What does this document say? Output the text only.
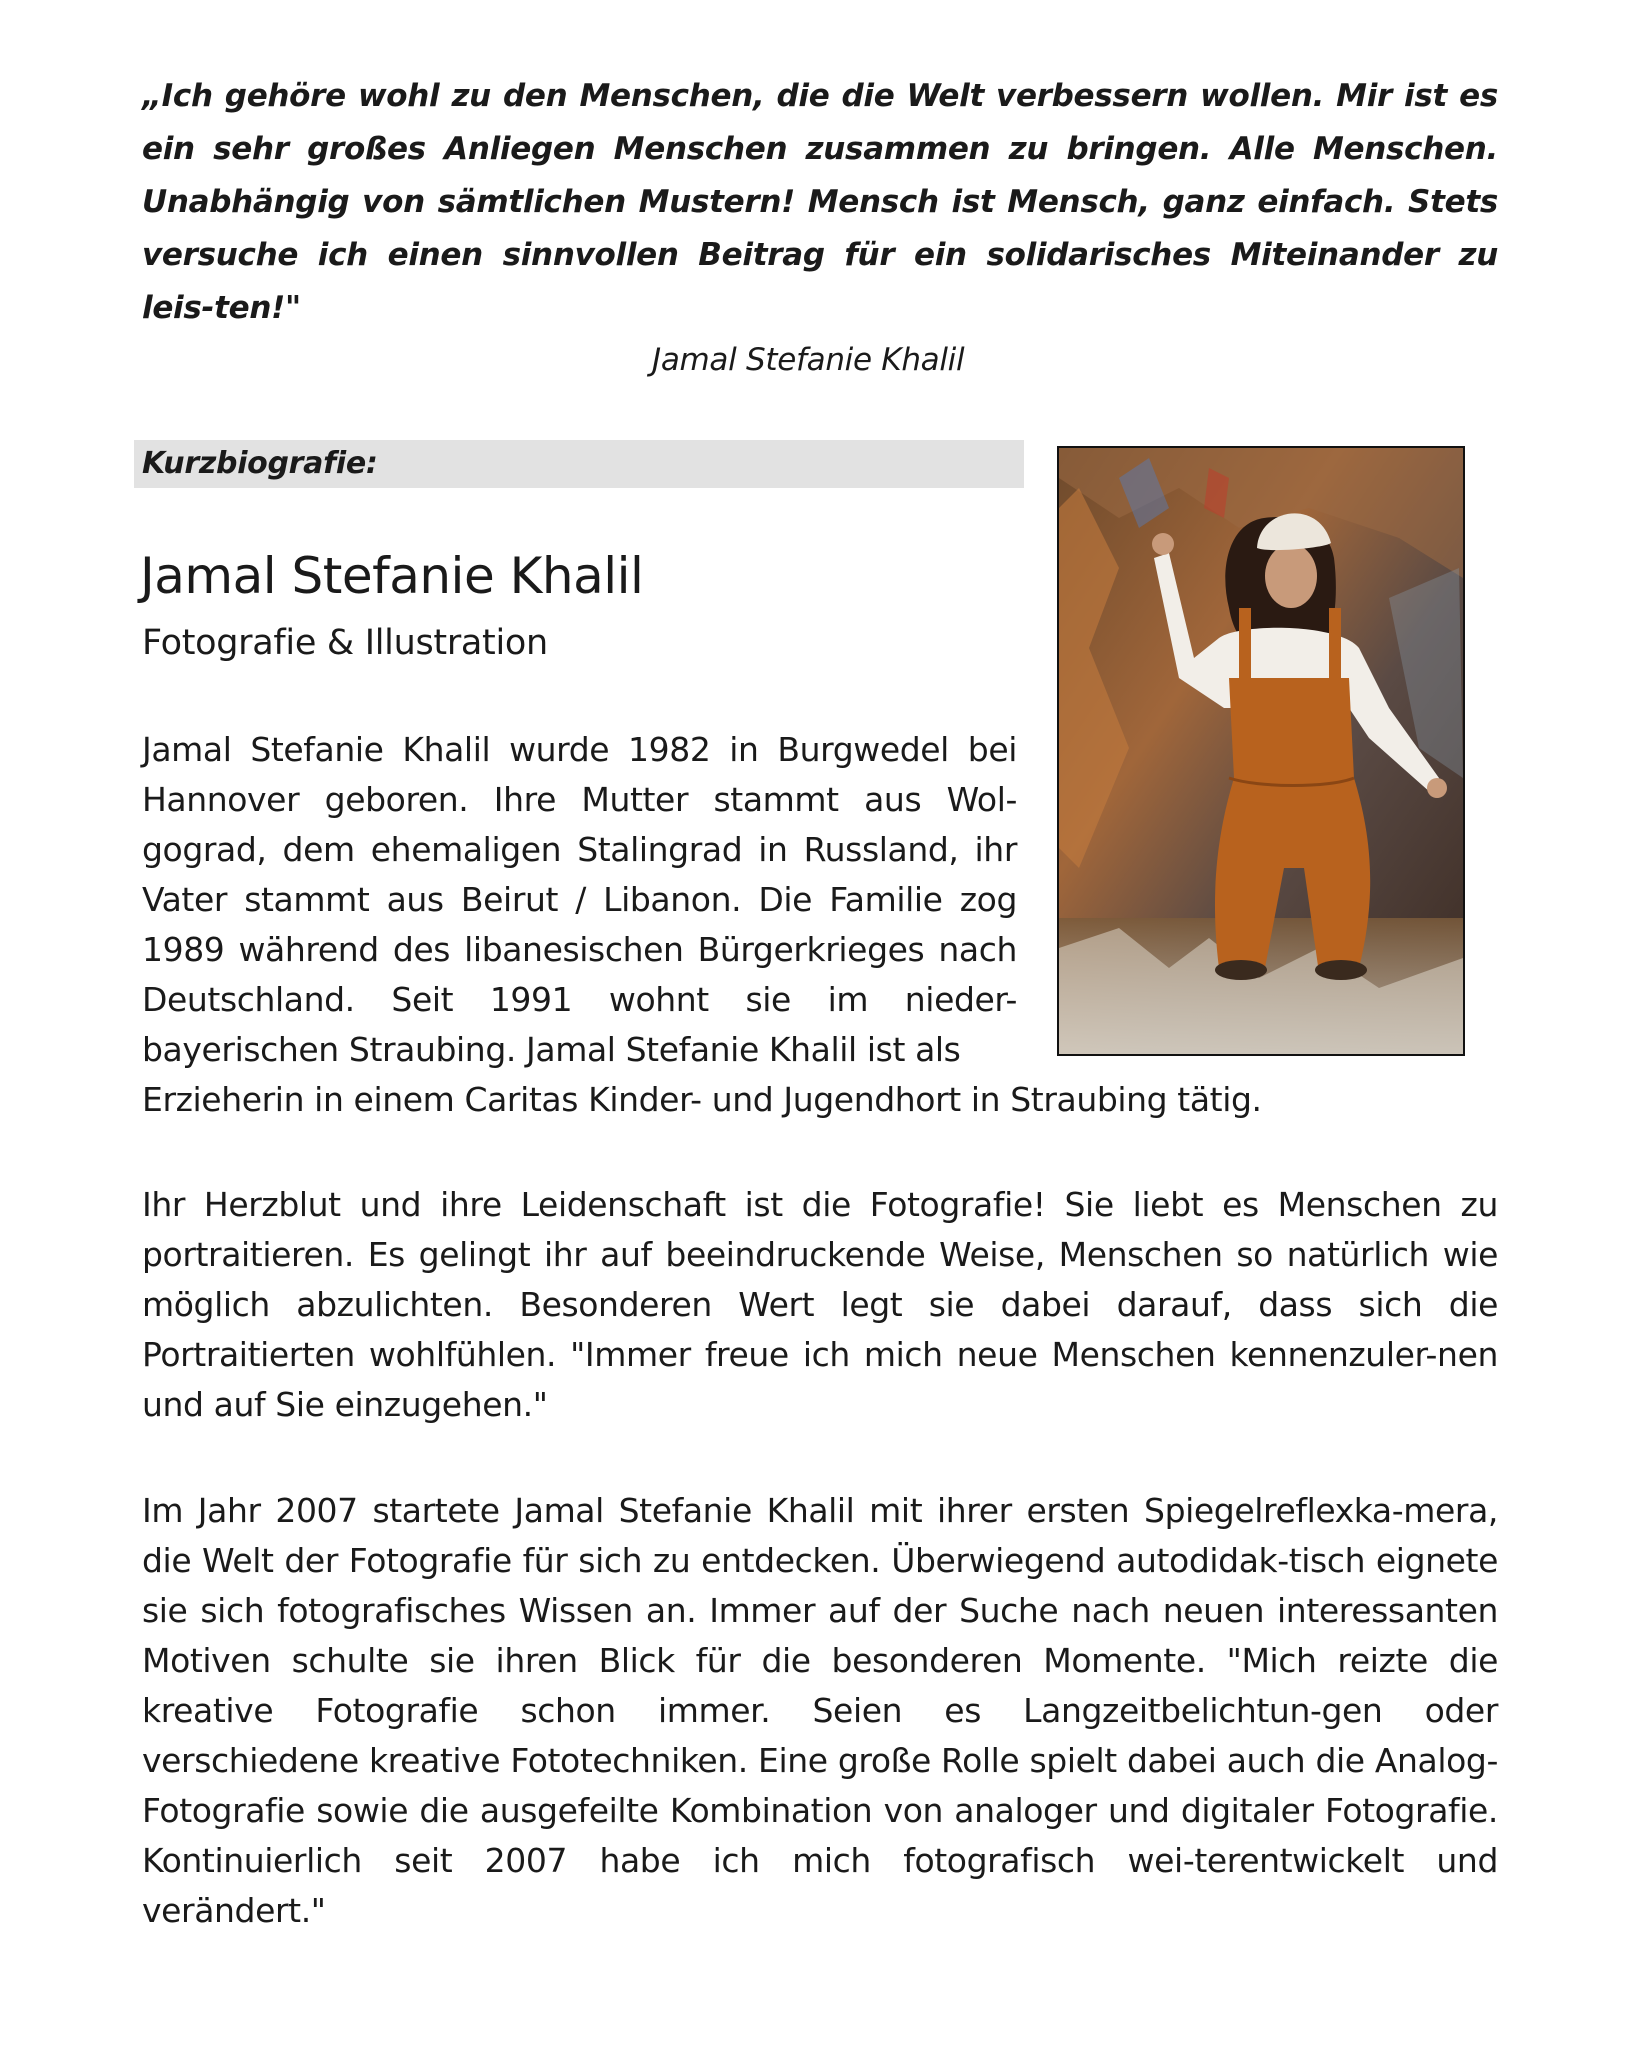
„Ich gehöre wohl zu den Menschen, die die Welt verbessern wollen. Mir ist es ein sehr großes Anliegen Menschen zusammen zu bringen. Alle Menschen. Unabhängig von sämtlichen Mustern! Mensch ist Mensch, ganz einfach. Stets versuche ich einen sinnvollen Beitrag für ein solidarisches Miteinander zu leis-ten!"

Jamal Stefanie Khalil

Kurzbiografie:
Jamal Stefanie Khalil
Fotografie & Illustration

Jamal Stefanie Khalil wurde 1982 in Burgwedel bei Hannover geboren. Ihre Mutter stammt aus Wol-gograd, dem ehemaligen Stalingrad in Russland, ihr Vater stammt aus Beirut / Libanon. Die Familie zog 1989 während des libanesischen Bürgerkrieges nach Deutschland. Seit 1991 wohnt sie im nieder-bayerischen Straubing. Jamal Stefanie Khalil ist als

Erzieherin in einem Caritas Kinder- und Jugendhort in Straubing tätig.

Ihr Herzblut und ihre Leidenschaft ist die Fotografie! Sie liebt es Menschen zu portraitieren. Es gelingt ihr auf beeindruckende Weise, Menschen so natürlich wie möglich abzulichten. Besonderen Wert legt sie dabei darauf, dass sich die Portraitierten wohlfühlen. "Immer freue ich mich neue Menschen kennenzuler-nen und auf Sie einzugehen."

Im Jahr 2007 startete Jamal Stefanie Khalil mit ihrer ersten Spiegelreflexka-mera, die Welt der Fotografie für sich zu entdecken. Überwiegend autodidak-tisch eignete sie sich fotografisches Wissen an. Immer auf der Suche nach neuen interessanten Motiven schulte sie ihren Blick für die besonderen Momente. "Mich reizte die kreative Fotografie schon immer. Seien es Langzeitbelichtun-gen oder verschiedene kreative Fototechniken. Eine große Rolle spielt dabei auch die Analog-Fotografie sowie die ausgefeilte Kombination von analoger und digitaler Fotografie. Kontinuierlich seit 2007 habe ich mich fotografisch wei-terentwickelt und verändert."
